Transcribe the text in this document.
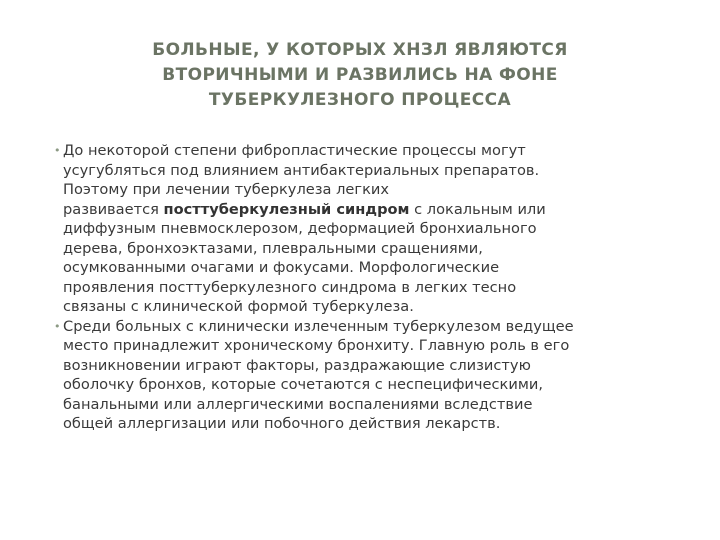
БОЛЬНЫЕ, У КОТОРЫХ ХНЗЛ ЯВЛЯЮТСЯ
ВТОРИЧНЫМИ И РАЗВИЛИСЬ НА ФОНЕ
ТУБЕРКУЛЕЗНОГО ПРОЦЕССА
• До некоторой степени фибропластические процессы могут
усугубляться под влиянием антибактериальных препаратов.
Поэтому при лечении туберкулеза легких
развивается посттуберкулезный синдром с локальным или
диффузным пневмосклерозом, деформацией бронхиального
дерева, бронхоэктазами, плевральными сращениями,
осумкованными очагами и фокусами. Морфологические
проявления посттуберкулезного синдрома в легких тесно
связаны с клинической формой туберкулеза.
• Среди больных с клинически излеченным туберкулезом ведущее
место принадлежит хроническому бронхиту. Главную роль в его
возникновении играют факторы, раздражающие слизистую
оболочку бронхов, которые сочетаются с неспецифическими,
банальными или аллергическими воспалениями вследствие
общей аллергизации или побочного действия лекарств.
